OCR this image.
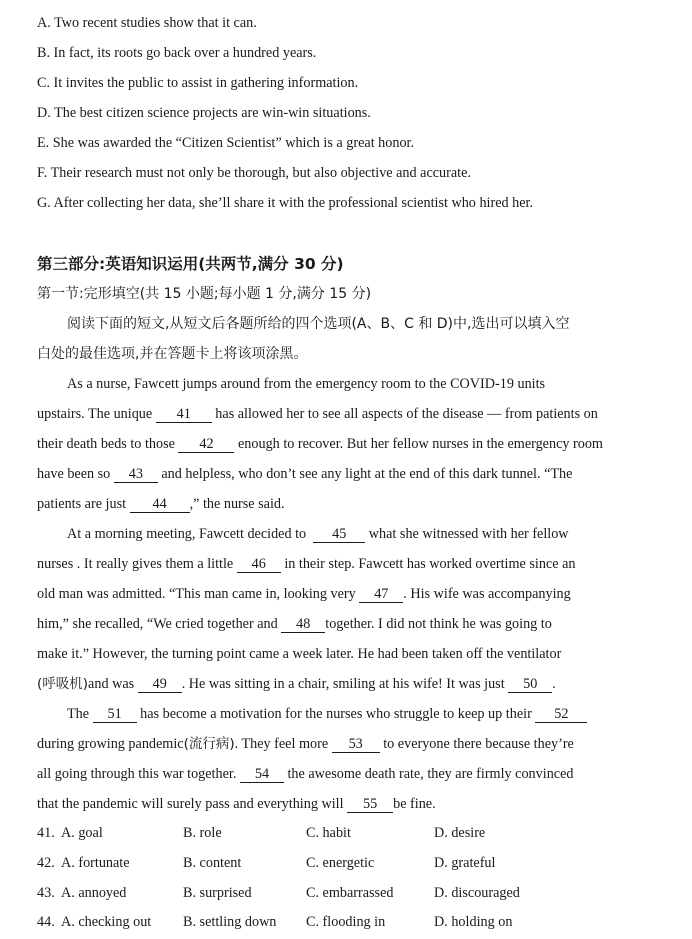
A. Two recent studies show that it can.
B. In fact, its roots go back over a hundred years.
C. It invites the public to assist in gathering information.
D. The best citizen science projects are win-win situations.
E. She was awarded the “Citizen Scientist” which is a great honor.
F. Their research must not only be thorough, but also objective and accurate.
G. After collecting her data, she’ll share it with the professional scientist who hired her.
第三部分:英语知识运用(共两节,满分 30 分)
第一节:完形填空(共 15 小题;每小题 1 分,满分 15 分)
阅读下面的短文,从短文后各题所给的四个选项(A、B、C 和 D)中,选出可以填入空
白处的最佳选项,并在答题卡上将该项涂黑。
As a nurse, Fawcett jumps around from the emergency room to the COVID-19 units
upstairs. The unique 41 has allowed her to see all aspects of the disease — from patients on
their death beds to those 42 enough to recover. But her fellow nurses in the emergency room
have been so 43 and helpless, who don’t see any light at the end of this dark tunnel. “The
patients are just 44 ,” the nurse said.
At a morning meeting, Fawcett decided to 45 what she witnessed with her fellow
nurses . It really gives them a little 46 in their step. Fawcett has worked overtime since an
old man was admitted. “This man came in, looking very 47 . His wife was accompanying
him,” she recalled, “We cried together and 48 together. I did not think he was going to
make it.” However, the turning point came a week later. He had been taken off the ventilator
(呼吸机)and was 49 . He was sitting in a chair, smiling at his wife! It was just 50 .
The 51 has become a motivation for the nurses who struggle to keep up their 52
during growing pandemic(流行病). They feel more 53 to everyone there because they’re
all going through this war together. 54 the awesome death rate, they are firmly convinced
that the pandemic will surely pass and everything will 55 be fine.
41. A. goal	B. role	C. habit	D. desire
42. A. fortunate	B. content	C. energetic	D. grateful
43. A. annoyed	B. surprised	C. embarrassed	D. discouraged
44. A. checking out B. settling down C. flooding in	D. holding on
